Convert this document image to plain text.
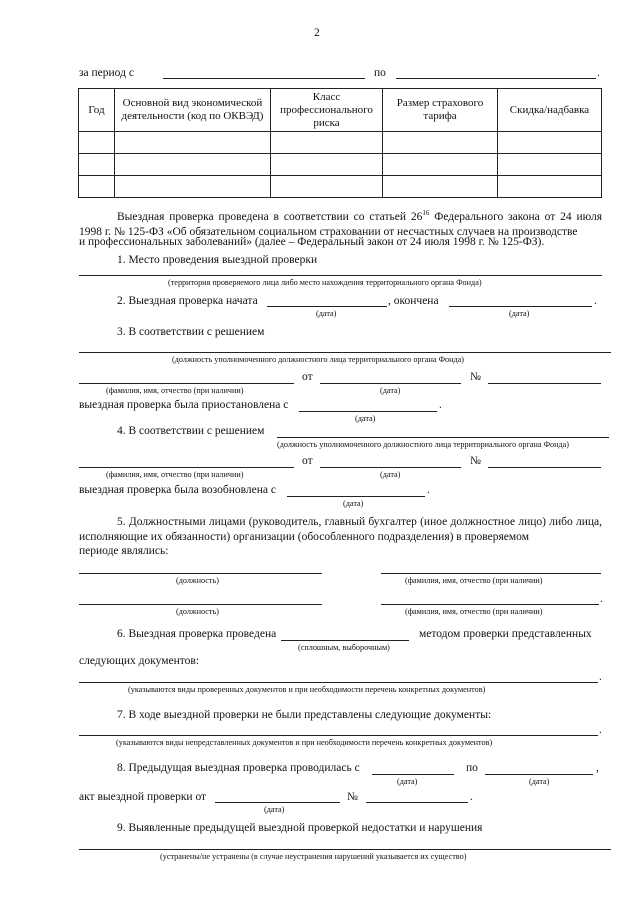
2
за период с	по	.
Год	Основной вид экономической деятельности (код по ОКВЭД)	Класс профессионального риска	Размер страхового тарифа	Скидка/надбавка

Выездная проверка проведена в соответствии со статьей $26^{16}$ Федерального закона от 24 июля 1998 г. № 125-ФЗ «Об обязательном социальном страховании от несчастных случаев на производстве
и профессиональных заболеваний» (далее – Федеральный закон от 24 июля 1998 г. № 125-ФЗ).
1. Место проведения выездной проверки
(территория проверяемого лица либо место нахождения территориального органа Фонда)
2. Выездная проверка начата	, окончена	.
(дата)	(дата)
3. В соответствии с решением
(должность уполномоченного должностного лица территориального органа Фонда)
от	№
(фамилия, имя, отчество (при наличии)	(дата)
выездная проверка была приостановлена с	.
(дата)
4. В соответствии с решением
(должность уполномоченного должностного лица территориального органа Фонда)
от	№
(фамилия, имя, отчество (при наличии)	(дата)
выездная проверка была возобновлена с	.
(дата)
5. Должностными лицами (руководитель, главный бухгалтер (иное должностное лицо) либо лица, исполняющие их обязанности) организации (обособленного подразделения) в проверяемом
периоде являлись:
(должность)	(фамилия, имя, отчество (при наличии)
.
(должность)	(фамилия, имя, отчество (при наличии)
6. Выездная проверка проведена	методом проверки представленных
(сплошным, выборочным)
следующих документов:
.
(указываются виды проверенных документов и при необходимости перечень конкретных документов)
7. В ходе выездной проверки не были представлены следующие документы:
.
(указываются виды непредставленных документов и при необходимости перечень конкретных документов)
8. Предыдущая выездная проверка проводилась с	по	,
(дата)	(дата)
акт выездной проверки от	№	.
(дата)
9. Выявленные предыдущей выездной проверкой недостатки и нарушения
(устранены/не устранены (в случае неустранения нарушений указывается их существо)
